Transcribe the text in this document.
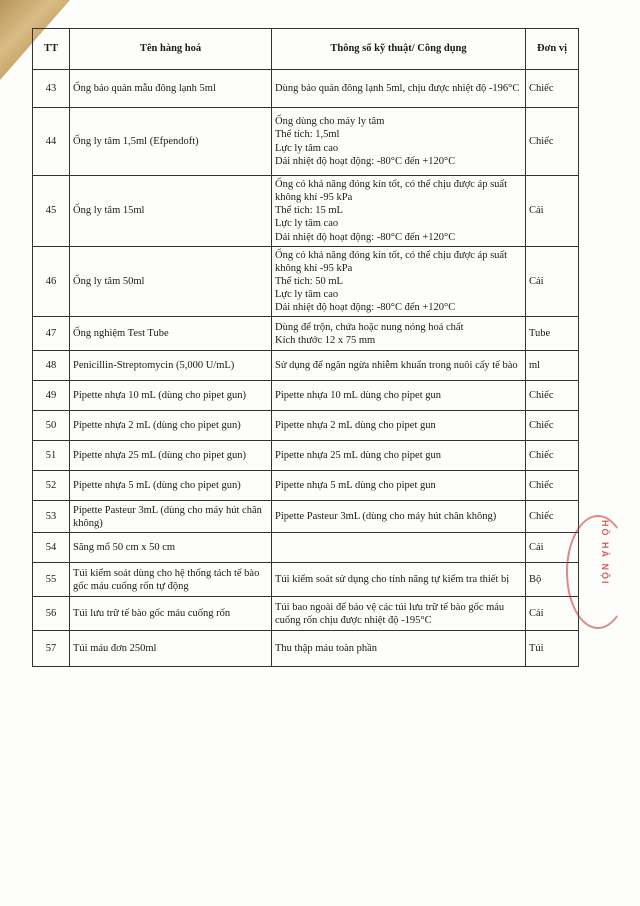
TT	Tên hàng hoá	Thông số kỹ thuật/ Công dụng	Đơn vị
43	Ống bảo quản mẫu đông lạnh 5ml	Dùng bảo quản đông lạnh 5ml, chịu được nhiệt độ -196°C	Chiếc
44	Ống ly tâm 1,5ml (Efpendoft)	Ống dùng cho máy ly tâm
Thể tích: 1,5ml
Lực ly tâm cao
Dải nhiệt độ hoạt động: -80°C đến +120°C	Chiếc
45	Ống ly tâm 15ml	Ống có khả năng đóng kín tốt, có thể chịu được áp suất không khí -95 kPa
Thể tích: 15 mL
Lực ly tâm cao
Dải nhiệt độ hoạt động: -80°C đến +120°C	Cái
46	Ống ly tâm 50ml	Ống có khả năng đóng kín tốt, có thể chịu được áp suất không khí -95 kPa
Thể tích: 50 mL
Lực ly tâm cao
Dải nhiệt độ hoạt động: -80°C đến +120°C	Cái
47	Ống nghiệm Test Tube	Dùng để trộn, chứa hoặc nung nóng hoá chất
Kích thước 12 x 75 mm	Tube
48	Penicillin-Streptomycin (5,000 U/mL)	Sử dụng để ngăn ngừa nhiễm khuẩn trong nuôi cấy tế bào	ml
49	Pipette nhựa 10 mL (dùng cho pipet gun)	Pipette nhựa 10 mL dùng cho pipet gun	Chiếc
50	Pipette nhựa 2 mL (dùng cho pipet gun)	Pipette nhựa 2 mL dùng cho pipet gun	Chiếc
51	Pipette nhựa 25 mL (dùng cho pipet gun)	Pipette nhựa 25 mL dùng cho pipet gun	Chiếc
52	Pipette nhựa 5 mL (dùng cho pipet gun)	Pipette nhựa 5 mL dùng cho pipet gun	Chiếc
53	Pipette Pasteur 3mL (dùng cho máy hút chân không)	Pipette Pasteur 3mL (dùng cho máy hút chân không)	Chiếc
54	Săng mổ 50 cm x 50 cm		Cái
55	Túi kiểm soát dùng cho hệ thống tách tế bào gốc máu cuống rốn tự động	Túi kiểm soát sử dụng cho tính năng tự kiểm tra thiết bị	Bộ
56	Túi lưu trữ tế bào gốc máu cuống rốn	Túi bao ngoài để bảo vệ các túi lưu trữ tế bào gốc máu cuống rốn chịu được nhiệt độ -195°C	Cái
57	Túi máu đơn 250ml	Thu thập máu toàn phần	Túi
HỒ HÀ NỘI
